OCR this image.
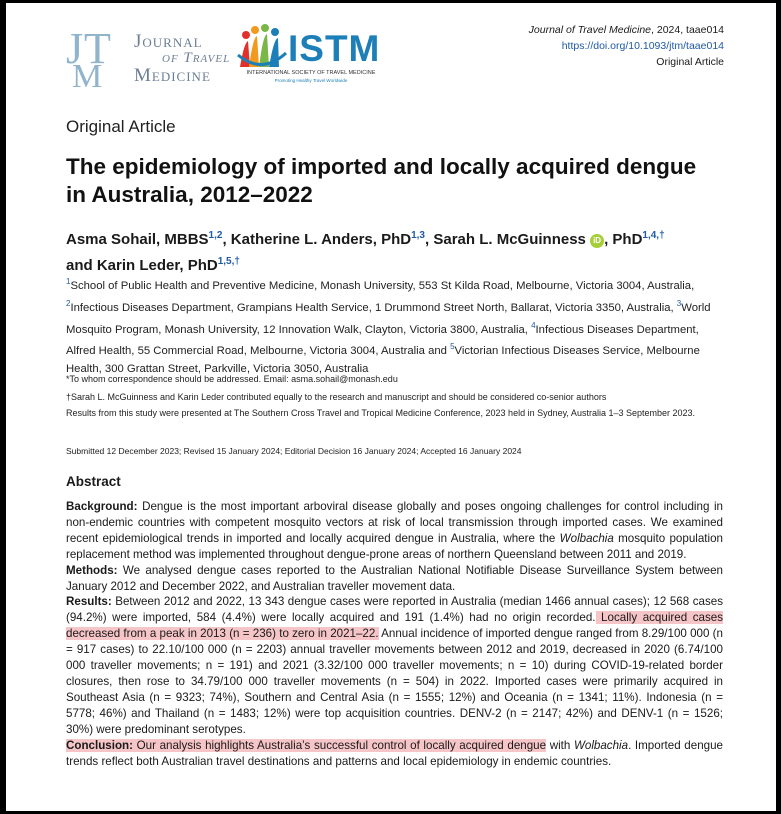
J T
M
Journal
of Travel
Medicine
ISTM
INTERNATIONAL SOCIETY OF TRAVEL MEDICINE
Promoting Healthy Travel Worldwide
Journal of Travel Medicine, 2024, taae014
https://doi.org/10.1093/jtm/taae014
Original Article
Original Article
The epidemiology of imported and locally acquired dengue in Australia, 2012–2022
Asma Sohail, MBBS$^{1,2}$, Katherine L. Anders, PhD$^{1,3}$, Sarah L. McGuinness iD , PhD$^{1,4,\dagger}$
and Karin Leder, PhD$^{1,5,\dagger}$
$^1$School of Public Health and Preventive Medicine, Monash University, 553 St Kilda Road, Melbourne, Victoria 3004, Australia, $^2$Infectious Diseases Department, Grampians Health Service, 1 Drummond Street North, Ballarat, Victoria 3350, Australia, $^3$World Mosquito Program, Monash University, 12 Innovation Walk, Clayton, Victoria 3800, Australia, $^4$Infectious Diseases Department, Alfred Health, 55 Commercial Road, Melbourne, Victoria 3004, Australia and $^5$Victorian Infectious Diseases Service, Melbourne Health, 300 Grattan Street, Parkville, Victoria 3050, Australia
*To whom correspondence should be addressed. Email: asma.sohail@monash.edu
†Sarah L. McGuinness and Karin Leder contributed equally to the research and manuscript and should be considered co-senior authors
Results from this study were presented at The Southern Cross Travel and Tropical Medicine Conference, 2023 held in Sydney, Australia 1–3 September 2023.
Submitted 12 December 2023; Revised 15 January 2024; Editorial Decision 16 January 2024; Accepted 16 January 2024
Abstract

Background: Dengue is the most important arboviral disease globally and poses ongoing challenges for control including in non-endemic countries with competent mosquito vectors at risk of local transmission through imported cases. We examined recent epidemiological trends in imported and locally acquired dengue in Australia, where the Wolbachia mosquito population replacement method was implemented throughout dengue-prone areas of northern Queensland between 2011 and 2019.

Methods: We analysed dengue cases reported to the Australian National Notifiable Disease Surveillance System between January 2012 and December 2022, and Australian traveller movement data.

Results: Between 2012 and 2022, 13 343 dengue cases were reported in Australia (median 1466 annual cases); 12 568 cases (94.2%) were imported, 584 (4.4%) were locally acquired and 191 (1.4%) had no origin recorded. Locally acquired cases decreased from a peak in 2013 (n = 236) to zero in 2021–22. Annual incidence of imported dengue ranged from 8.29/100 000 (n = 917 cases) to 22.10/100 000 (n = 2203) annual traveller movements between 2012 and 2019, decreased in 2020 (6.74/100 000 traveller movements; n = 191) and 2021 (3.32/100 000 traveller movements; n = 10) during COVID-19-related border closures, then rose to 34.79/100 000 traveller movements (n = 504) in 2022. Imported cases were primarily acquired in Southeast Asia (n = 9323; 74%), Southern and Central Asia (n = 1555; 12%) and Oceania (n = 1341; 11%). Indonesia (n = 5778; 46%) and Thailand (n = 1483; 12%) were top acquisition countries. DENV-2 (n = 2147; 42%) and DENV-1 (n = 1526; 30%) were predominant serotypes.

Conclusion: Our analysis highlights Australia’s successful control of locally acquired dengue with Wolbachia. Imported dengue trends reflect both Australian travel destinations and patterns and local epidemiology in endemic countries.
